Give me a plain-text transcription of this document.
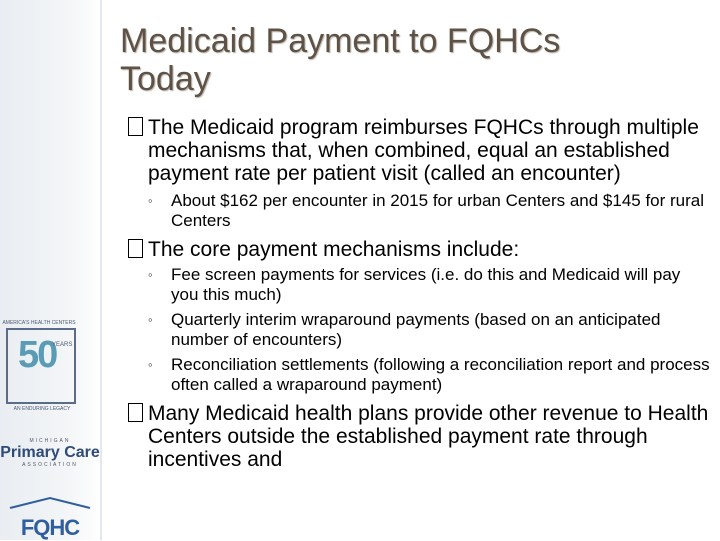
AMERICA'S HEALTH CENTERS
50
YEARS
AN ENDURING LEGACY
MICHIGAN
Primary Care
ASSOCIATION
FQHC
Medicaid Payment to FQHCs
Today
The Medicaid program reimburses FQHCs through multiple mechanisms that, when combined, equal an established payment rate per patient visit (called an encounter)
◦ About $162 per encounter in 2015 for urban Centers and $145 for rural Centers
The core payment mechanisms include:
◦ Fee screen payments for services (i.e. do this and Medicaid will pay you this much)
◦ Quarterly interim wraparound payments (based on an anticipated number of encounters)
◦ Reconciliation settlements (following a reconciliation report and process often called a wraparound payment)
Many Medicaid health plans provide other revenue to Health Centers outside the established payment rate through incentives and
